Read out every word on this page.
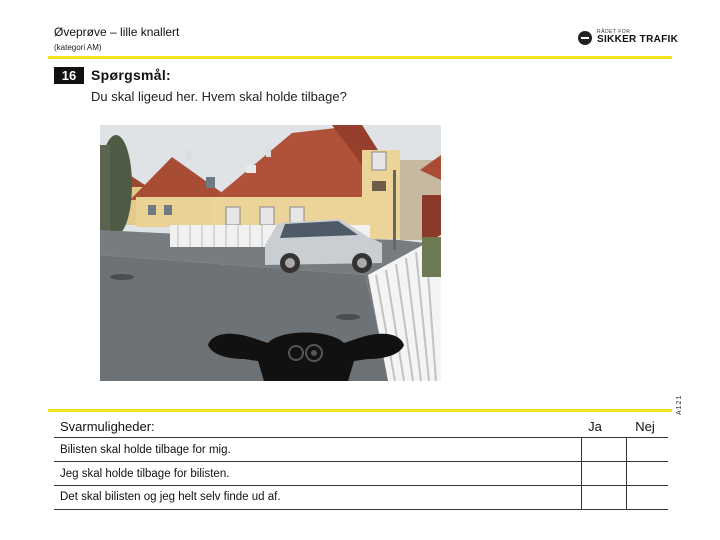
Øveprøve – lille knallert
(kategori AM)
RÅDET FOR
SIKKER TRAFIK
16	Spørgsmål:
Du skal ligeud her. Hvem skal holde tilbage?
A121
Svarmuligheder:	Ja	Nej
Bilisten skal holde tilbage for mig.
Jeg skal holde tilbage for bilisten.
Det skal bilisten og jeg helt selv finde ud af.
